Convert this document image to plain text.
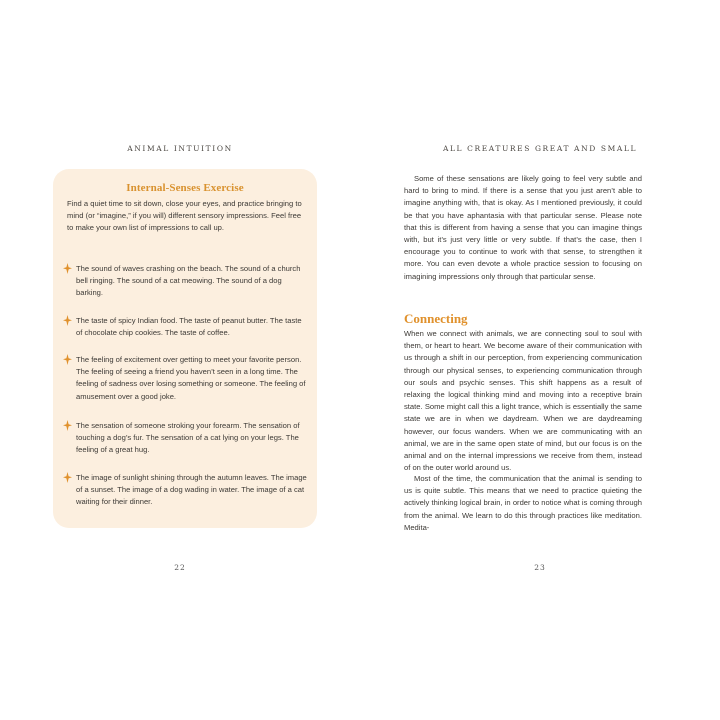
ANIMAL INTUITION
Internal-Senses Exercise
Find a quiet time to sit down, close your eyes, and practice bringing to mind (or “imagine,” if you will) different sensory impressions. Feel free to make your own list of impressions to call up.
The sound of waves crashing on the beach. The sound of a church bell ringing. The sound of a cat meowing. The sound of a dog barking.
The taste of spicy Indian food. The taste of peanut butter. The taste of chocolate chip cookies. The taste of coffee.
The feeling of excitement over getting to meet your favorite person. The feeling of seeing a friend you haven’t seen in a long time. The feeling of sadness over losing something or someone. The feeling of amusement over a good joke.
The sensation of someone stroking your forearm. The sensation of touching a dog’s fur. The sensation of a cat lying on your legs. The feeling of a great hug.
The image of sunlight shining through the autumn leaves. The image of a sunset. The image of a dog wading in water. The image of a cat waiting for their dinner.
22
ALL CREATURES GREAT AND SMALL
23
Some of these sensations are likely going to feel very subtle and hard to bring to mind. If there is a sense that you just aren’t able to imagine anything with, that is okay. As I mentioned previously, it could be that you have aphantasia with that particular sense. Please note that this is different from having a sense that you can imagine things with, but it’s just very little or very subtle. If that’s the case, then I encourage you to continue to work with that sense, to strengthen it more. You can even devote a whole practice session to focusing on imagining impressions only through that particular sense.
Connecting
When we connect with animals, we are connecting soul to soul with them, or heart to heart. We become aware of their communication with us through a shift in our perception, from experiencing communication through our physical senses, to experiencing communication through our souls and psychic senses. This shift happens as a result of relaxing the logical thinking mind and moving into a receptive brain state. Some might call this a light trance, which is essentially the same state we are in when we daydream. When we are daydreaming however, our focus wanders. When we are communicating with an animal, we are in the same open state of mind, but our focus is on the animal and on the internal impressions we receive from them, instead of on the outer world around us.
Most of the time, the communication that the animal is sending to us is quite subtle. This means that we need to practice quieting the actively thinking logical brain, in order to notice what is coming through from the animal. We learn to do this through practices like meditation. Medita-
